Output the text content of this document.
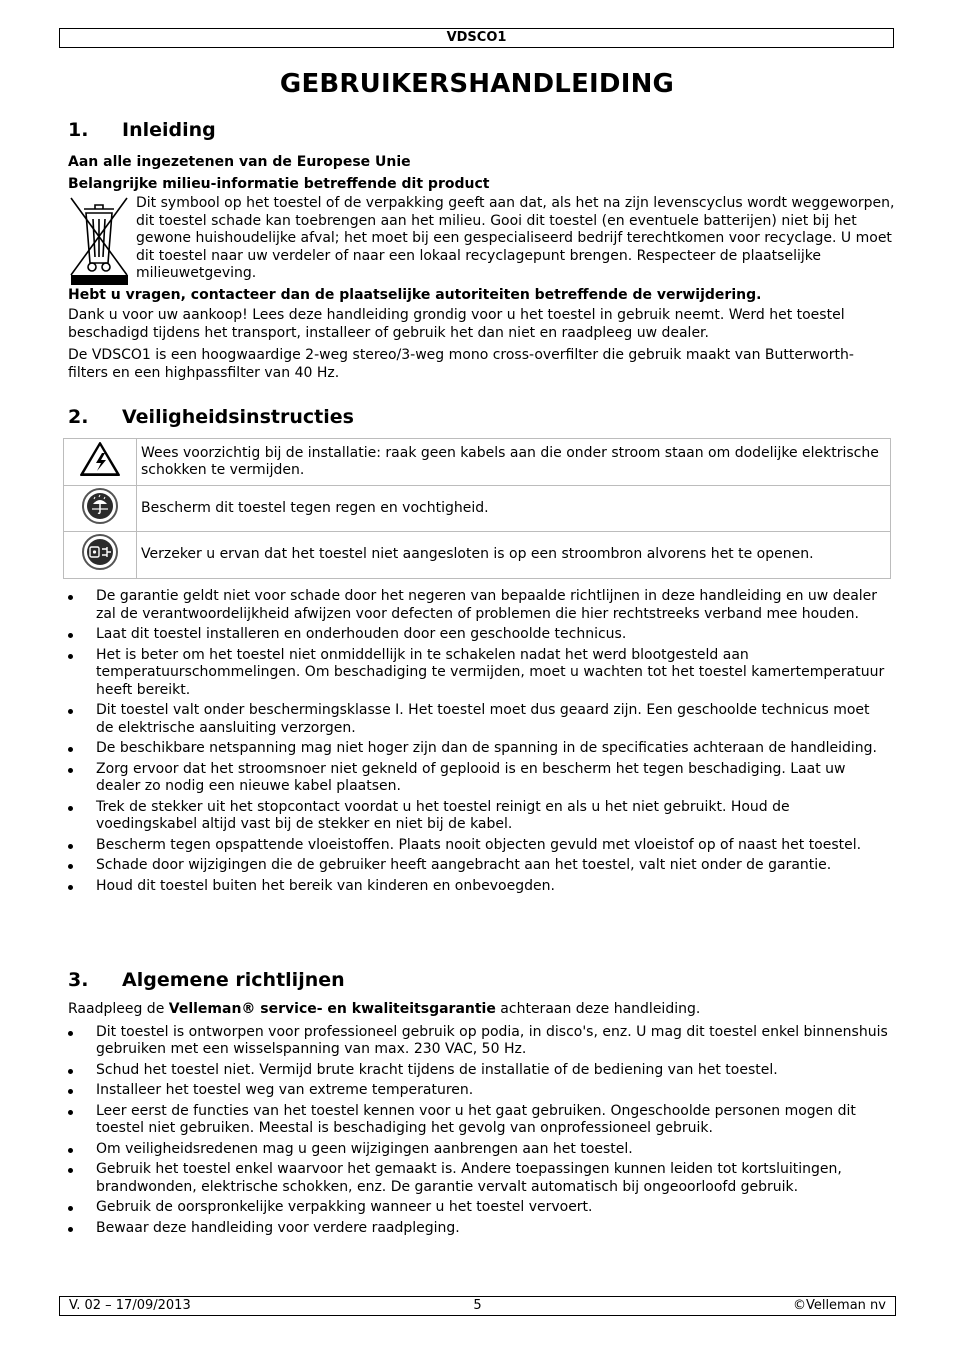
VDSCO1
GEBRUIKERSHANDLEIDING
1. Inleiding

Aan alle ingezetenen van de Europese Unie

Belangrijke milieu-informatie betreffende dit product

Dit symbool op het toestel of de verpakking geeft aan dat, als het na zijn levenscyclus wordt weggeworpen, dit toestel schade kan toebrengen aan het milieu. Gooi dit toestel (en eventuele batterijen) niet bij het gewone huishoudelijke afval; het moet bij een gespecialiseerd bedrijf terechtkomen voor recyclage. U moet dit toestel naar uw verdeler of naar een lokaal recyclagepunt brengen. Respecteer de plaatselijke milieuwetgeving.

Hebt u vragen, contacteer dan de plaatselijke autoriteiten betreffende de verwijdering.

Dank u voor uw aankoop! Lees deze handleiding grondig voor u het toestel in gebruik neemt. Werd het toestel beschadigd tijdens het transport, installeer of gebruik het dan niet en raadpleeg uw dealer.

De VDSCO1 is een hoogwaardige 2-weg stereo/3-weg mono cross-overfilter die gebruik maakt van Butterworth-filters en een highpassfilter van 40 Hz.

2. Veiligheidsinstructies
	Wees voorzichtig bij de installatie: raak geen kabels aan die onder stroom staan om dodelijke elektrische schokken te vermijden.
	Bescherm dit toestel tegen regen en vochtigheid.
	Verzeker u ervan dat het toestel niet aangesloten is op een stroombron alvorens het te openen.
De garantie geldt niet voor schade door het negeren van bepaalde richtlijnen in deze handleiding en uw dealer zal de verantwoordelijkheid afwijzen voor defecten of problemen die hier rechtstreeks verband mee houden.
Laat dit toestel installeren en onderhouden door een geschoolde technicus.
Het is beter om het toestel niet onmiddellijk in te schakelen nadat het werd blootgesteld aan temperatuurschommelingen. Om beschadiging te vermijden, moet u wachten tot het toestel kamertemperatuur heeft bereikt.
Dit toestel valt onder beschermingsklasse I. Het toestel moet dus geaard zijn. Een geschoolde technicus moet de elektrische aansluiting verzorgen.
De beschikbare netspanning mag niet hoger zijn dan de spanning in de specificaties achteraan de handleiding.
Zorg ervoor dat het stroomsnoer niet gekneld of geplooid is en bescherm het tegen beschadiging. Laat uw dealer zo nodig een nieuwe kabel plaatsen.
Trek de stekker uit het stopcontact voordat u het toestel reinigt en als u het niet gebruikt. Houd de voedingskabel altijd vast bij de stekker en niet bij de kabel.
Bescherm tegen opspattende vloeistoffen. Plaats nooit objecten gevuld met vloeistof op of naast het toestel.
Schade door wijzigingen die de gebruiker heeft aangebracht aan het toestel, valt niet onder de garantie.
Houd dit toestel buiten het bereik van kinderen en onbevoegden.
3. Algemene richtlijnen

Raadpleeg de Velleman® service- en kwaliteitsgarantie achteraan deze handleiding.

Dit toestel is ontworpen voor professioneel gebruik op podia, in disco's, enz. U mag dit toestel enkel binnenshuis gebruiken met een wisselspanning van max. 230 VAC, 50 Hz.
Schud het toestel niet. Vermijd brute kracht tijdens de installatie of de bediening van het toestel.
Installeer het toestel weg van extreme temperaturen.
Leer eerst de functies van het toestel kennen voor u het gaat gebruiken. Ongeschoolde personen mogen dit toestel niet gebruiken. Meestal is beschadiging het gevolg van onprofessioneel gebruik.
Om veiligheidsredenen mag u geen wijzigingen aanbrengen aan het toestel.
Gebruik het toestel enkel waarvoor het gemaakt is. Andere toepassingen kunnen leiden tot kortsluitingen, brandwonden, elektrische schokken, enz. De garantie vervalt automatisch bij ongeoorloofd gebruik.
Gebruik de oorspronkelijke verpakking wanneer u het toestel vervoert.
Bewaar deze handleiding voor verdere raadpleging.
V. 02 – 17/09/2013	5	©Velleman nv
